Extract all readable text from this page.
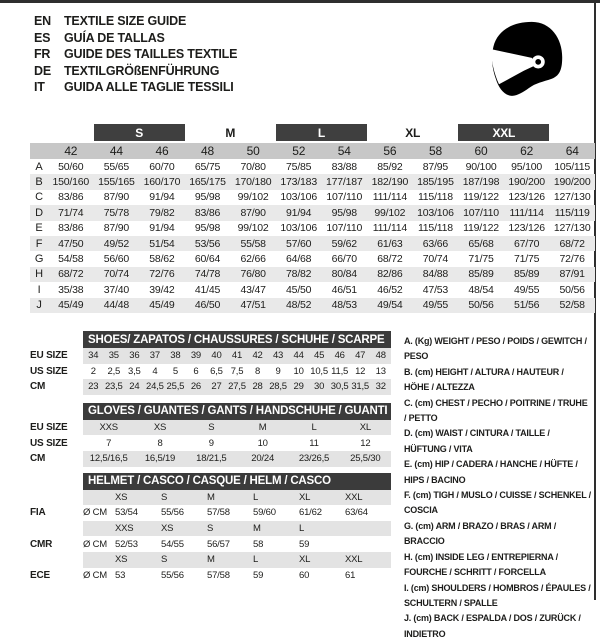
EN	TEXTILE SIZE GUIDE
ES	GUÍA DE TALLAS
FR	GUIDE DES TAILLES TEXTILE
DE	TEXTILGRÖßENFÜHRUNG
IT	GUIDA ALLE TAGLIE TESSILI
S	M	L	XL	XXL
42	44	46	48	50	52	54	56	58	60	62	64
A	50/60	55/65	60/70	65/75	70/80	75/85	83/88	85/92	87/95	90/100	95/100	105/115
B 150/160 155/165 160/170 165/175 170/180 173/183 177/187 182/190 185/195 187/198 190/200 190/200
C	83/86	87/90	91/94	95/98	99/102	103/106 107/110	111/114	115/118 119/122 123/126 127/130
D	71/74	75/78	79/82	83/86	87/90	91/94	95/98	99/102	103/106 107/110	111/114	115/119
E	83/86	87/90	91/94	95/98	99/102	103/106 107/110	111/114	115/118 119/122 123/126 127/130
F	47/50	49/52	51/54	53/56	55/58	57/60	59/62	61/63	63/66	65/68	67/70	68/72
G	54/58	56/60	58/62	60/64	62/66	64/68	66/70	68/72	70/74	71/75	71/75	72/76
H	68/72	70/74	72/76	74/78	76/80	78/82	80/84	82/86	84/88	85/89	85/89	87/91
I	35/38	37/40	39/42	41/45	43/47	45/50	46/51	46/52	47/53	48/54	49/55	50/56
J	45/49	44/48	45/49	46/50	47/51	48/52	48/53	49/54	49/55	50/56	51/56	52/58
SHOES/ ZAPATOS / CHAUSSURES / SCHUHE / SCARPE
EU SIZE	34	35	36	37	38	39	40	41	42	43	44	45	46	47	48
US SIZE	2	2,5 3,5	4	5	6	6,5 7,5	8	9	10 10,5 11,5 12	13
CM	23 23,5 24 24,5 25,5 26	27 27,5 28 28,5 29	30 30,5 31,5 32
GLOVES / GUANTES / GANTS / HANDSCHUHE / GUANTI
EU SIZE	XXS	XS	S	M	L	XL
US SIZE	7	8	9	10	11	12
CM	12,5/16,5	16,5/19	18/21,5	20/24	23/26,5	25,5/30
HELMET / CASCO / CASQUE / HELM / CASCO
XS	S	M	L	XL	XXL
FIA	Ø CM 53/54	55/56	57/58	59/60	61/62	63/64
XXS	XS	S	M	L
CMR	Ø CM 52/53	54/55	56/57	58	59
XS	S	M	L	XL	XXL
ECE	Ø CM 53	55/56	57/58	59	60	61
A. (Kg) WEIGHT / PESO / POIDS / GEWITCH / PESO
B. (cm) HEIGHT / ALTURA / HAUTEUR / HÖHE / ALTEZZA
C. (cm) CHEST / PECHO / POITRINE / TRUHE / PETTO
D. (cm) WAIST / CINTURA / TAILLE / HÜFTUNG / VITA
E. (cm) HIP / CADERA / HANCHE / HÜFTE / HIPS / BACINO
F. (cm) TIGH / MUSLO / CUISSE / SCHENKEL / COSCIA
G. (cm) ARM / BRAZO / BRAS / ARM / BRACCIO
H. (cm) INSIDE LEG / ENTREPIERNA / FOURCHE / SCHRITT / FORCELLA
I. (cm) SHOULDERS / HOMBROS / ÉPAULES / SCHULTERN / SPALLE
J. (cm) BACK / ESPALDA / DOS / ZURÜCK / INDIETRO
